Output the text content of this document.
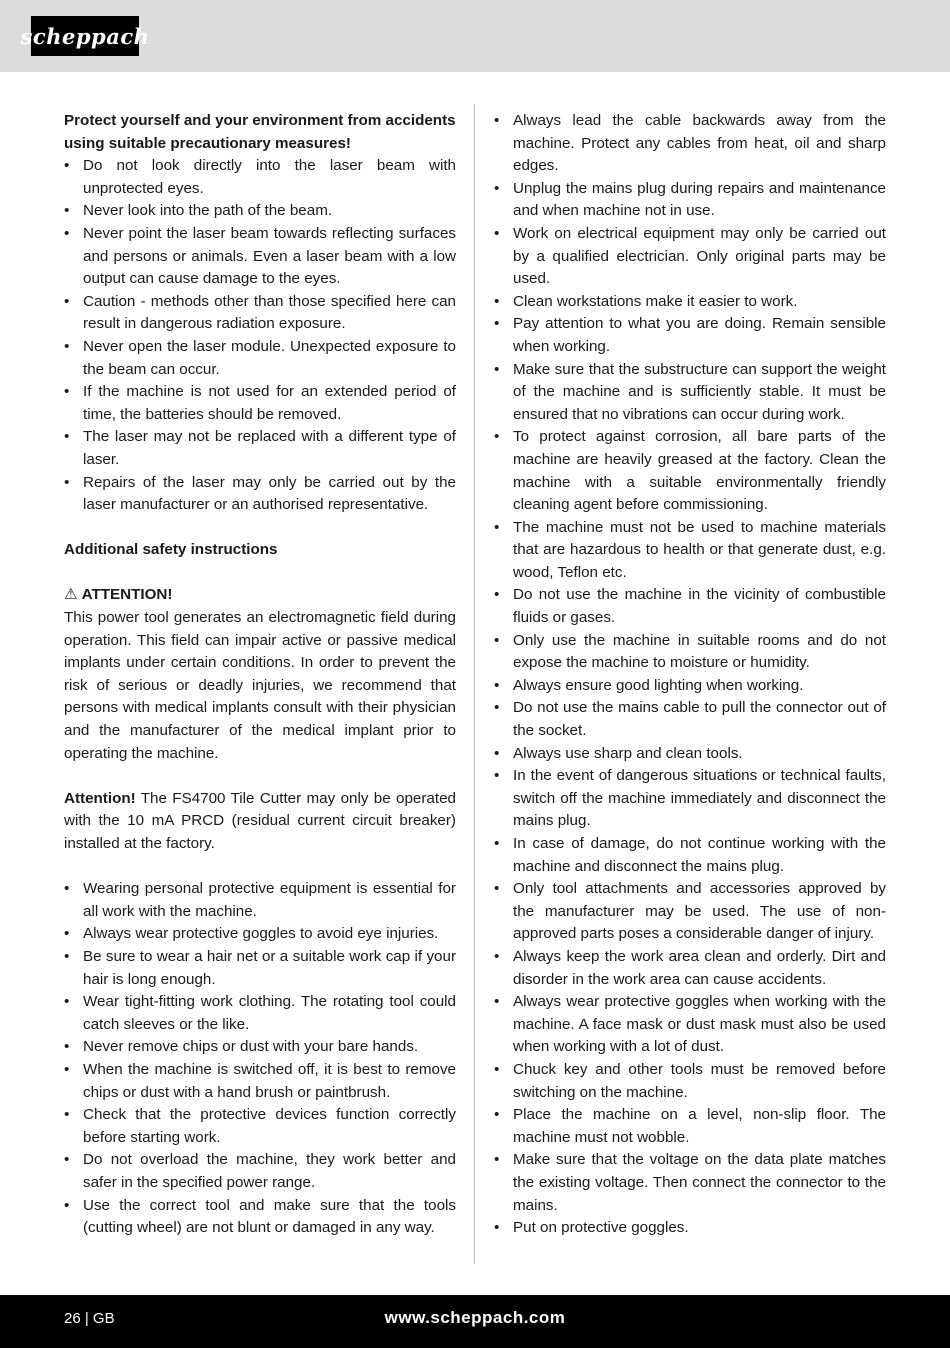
scheppach
Protect yourself and your environment from accidents using suitable precautionary measures!
• Do not look directly into the laser beam with unprotected eyes.
• Never look into the path of the beam.
• Never point the laser beam towards reflecting surfaces and persons or animals. Even a laser beam with a low output can cause damage to the eyes.
• Caution - methods other than those specified here can result in dangerous radiation exposure.
• Never open the laser module. Unexpected exposure to the beam can occur.
• If the machine is not used for an extended period of time, the batteries should be removed.
• The laser may not be replaced with a different type of laser.
• Repairs of the laser may only be carried out by the laser manufacturer or an authorised representative.
Additional safety instructions
⚠ ATTENTION!

This power tool generates an electromagnetic field during operation. This field can impair active or passive medical implants under certain conditions. In order to prevent the risk of serious or deadly injuries, we recommend that persons with medical implants consult with their physician and the manufacturer of the medical implant prior to operating the machine.

Attention! The FS4700 Tile Cutter may only be operated with the 10 mA PRCD (residual current circuit breaker) installed at the factory.

• Wearing personal protective equipment is essential for all work with the machine.
• Always wear protective goggles to avoid eye injuries.
• Be sure to wear a hair net or a suitable work cap if your hair is long enough.
• Wear tight-fitting work clothing. The rotating tool could catch sleeves or the like.
• Never remove chips or dust with your bare hands.
• When the machine is switched off, it is best to remove chips or dust with a hand brush or paintbrush.
• Check that the protective devices function correctly before starting work.
• Do not overload the machine, they work better and safer in the specified power range.
• Use the correct tool and make sure that the tools (cutting wheel) are not blunt or damaged in any way.
• Always lead the cable backwards away from the machine. Protect any cables from heat, oil and sharp edges.
• Unplug the mains plug during repairs and maintenance and when machine not in use.
• Work on electrical equipment may only be carried out by a qualified electrician. Only original parts may be used.
• Clean workstations make it easier to work.
• Pay attention to what you are doing. Remain sensible when working.
• Make sure that the substructure can support the weight of the machine and is sufficiently stable. It must be ensured that no vibrations can occur during work.
• To protect against corrosion, all bare parts of the machine are heavily greased at the factory. Clean the machine with a suitable environmentally friendly cleaning agent before commissioning.
• The machine must not be used to machine materials that are hazardous to health or that generate dust, e.g. wood, Teflon etc.
• Do not use the machine in the vicinity of combustible fluids or gases.
• Only use the machine in suitable rooms and do not expose the machine to moisture or humidity.
• Always ensure good lighting when working.
• Do not use the mains cable to pull the connector out of the socket.
• Always use sharp and clean tools.
• In the event of dangerous situations or technical faults, switch off the machine immediately and disconnect the mains plug.
• In case of damage, do not continue working with the machine and disconnect the mains plug.
• Only tool attachments and accessories approved by the manufacturer may be used. The use of non-approved parts poses a considerable danger of injury.
• Always keep the work area clean and orderly. Dirt and disorder in the work area can cause accidents.
• Always wear protective goggles when working with the machine. A face mask or dust mask must also be used when working with a lot of dust.
• Chuck key and other tools must be removed before switching on the machine.
• Place the machine on a level, non-slip floor. The machine must not wobble.
• Make sure that the voltage on the data plate matches the existing voltage. Then connect the connector to the mains.
• Put on protective goggles.
26 | GB	www.scheppach.com
